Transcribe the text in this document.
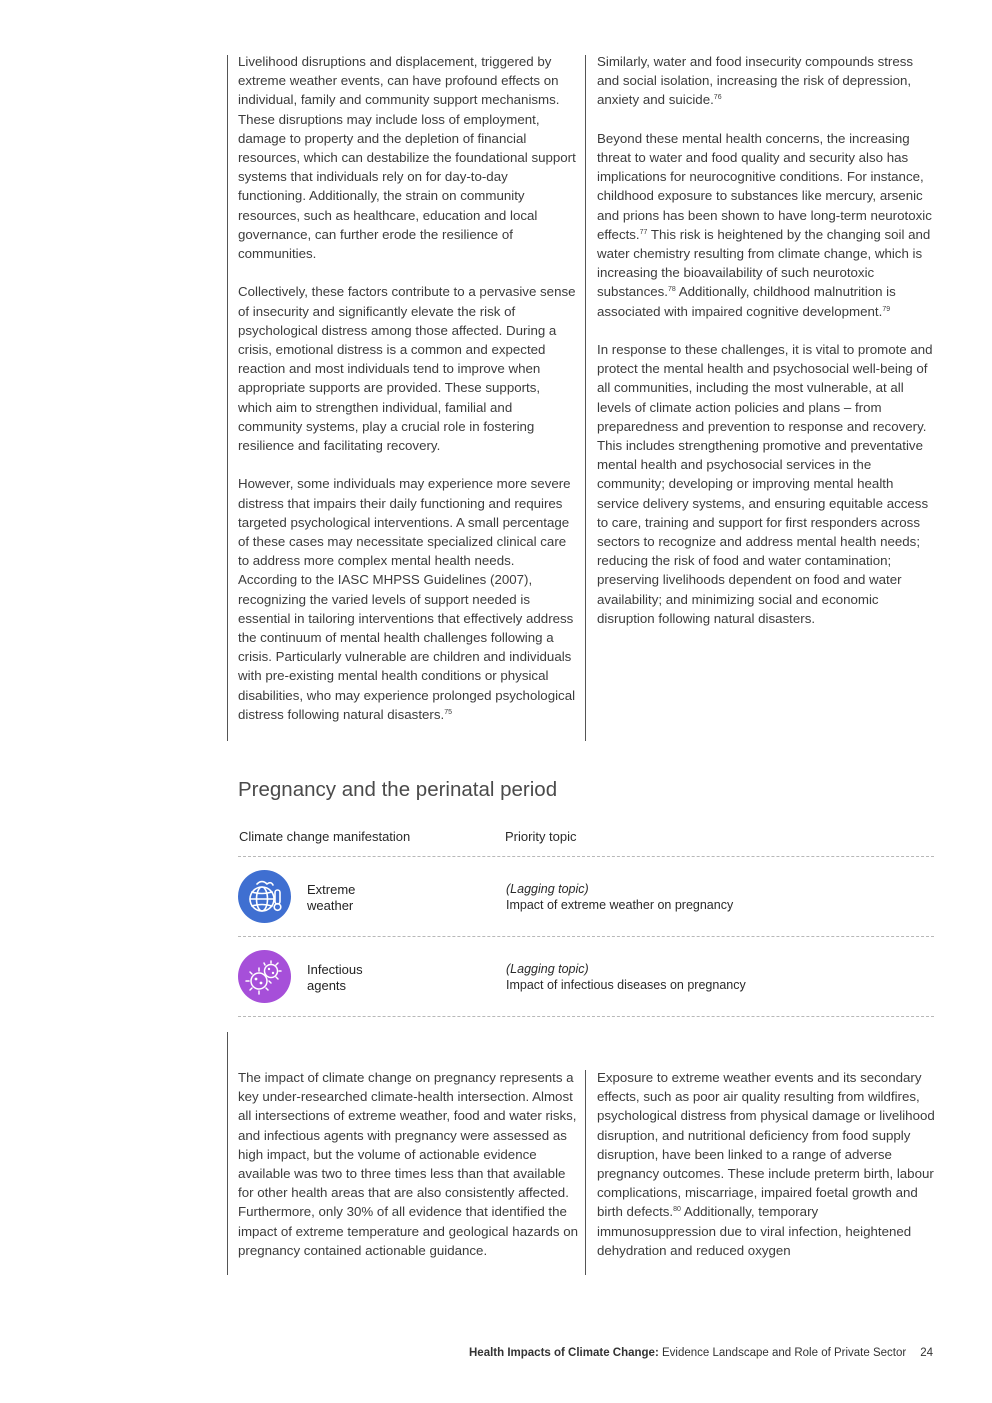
Livelihood disruptions and displacement, triggered by extreme weather events, can have profound effects on individual, family and community support mechanisms. These disruptions may include loss of employment, damage to property and the depletion of financial resources, which can destabilize the foundational support systems that individuals rely on for day-to-day functioning. Additionally, the strain on community resources, such as healthcare, education and local governance, can further erode the resilience of communities.

Collectively, these factors contribute to a pervasive sense of insecurity and significantly elevate the risk of psychological distress among those affected. During a crisis, emotional distress is a common and expected reaction and most individuals tend to improve when appropriate supports are provided. These supports, which aim to strengthen individual, familial and community systems, play a crucial role in fostering resilience and facilitating recovery.

However, some individuals may experience more severe distress that impairs their daily functioning and requires targeted psychological interventions. A small percentage of these cases may necessitate specialized clinical care to address more complex mental health needs. According to the IASC MHPSS Guidelines (2007), recognizing the varied levels of support needed is essential in tailoring interventions that effectively address the continuum of mental health challenges following a crisis. Particularly vulnerable are children and individuals with pre-existing mental health conditions or physical disabilities, who may experience prolonged psychological distress following natural disasters.$^{75}$

Similarly, water and food insecurity compounds stress and social isolation, increasing the risk of depression, anxiety and suicide.$^{76}$

Beyond these mental health concerns, the increasing threat to water and food quality and security also has implications for neurocognitive conditions. For instance, childhood exposure to substances like mercury, arsenic and prions has been shown to have long-term neurotoxic effects.$^{77}$ This risk is heightened by the changing soil and water chemistry resulting from climate change, which is increasing the bioavailability of such neurotoxic substances.$^{78}$ Additionally, childhood malnutrition is associated with impaired cognitive development.$^{79}$

In response to these challenges, it is vital to promote and protect the mental health and psychosocial well-being of all communities, including the most vulnerable, at all levels of climate action policies and plans – from preparedness and prevention to response and recovery. This includes strengthening promotive and preventative mental health and psychosocial services in the community; developing or improving mental health service delivery systems, and ensuring equitable access to care, training and support for first responders across sectors to recognize and address mental health needs; reducing the risk of food and water contamination; preserving livelihoods dependent on food and water availability; and minimizing social and economic disruption following natural disasters.

Pregnancy and the perinatal period
Climate change manifestation	Priority topic
Extreme
weather
(Lagging topic)
Impact of extreme weather on pregnancy
Infectious
agents
(Lagging topic)
Impact of infectious diseases on pregnancy

The impact of climate change on pregnancy represents a key under-researched climate-health intersection. Almost all intersections of extreme weather, food and water risks, and infectious agents with pregnancy were assessed as high impact, but the volume of actionable evidence available was two to three times less than that available for other health areas that are also consistently affected. Furthermore, only 30% of all evidence that identified the impact of extreme temperature and geological hazards on pregnancy contained actionable guidance.

Exposure to extreme weather events and its secondary effects, such as poor air quality resulting from wildfires, psychological distress from physical damage or livelihood disruption, and nutritional deficiency from food supply disruption, have been linked to a range of adverse pregnancy outcomes. These include preterm birth, labour complications, miscarriage, impaired foetal growth and birth defects.$^{80}$ Additionally, temporary immunosuppression due to viral infection, heightened dehydration and reduced oxygen

Health Impacts of Climate Change: Evidence Landscape and Role of Private Sector 24
